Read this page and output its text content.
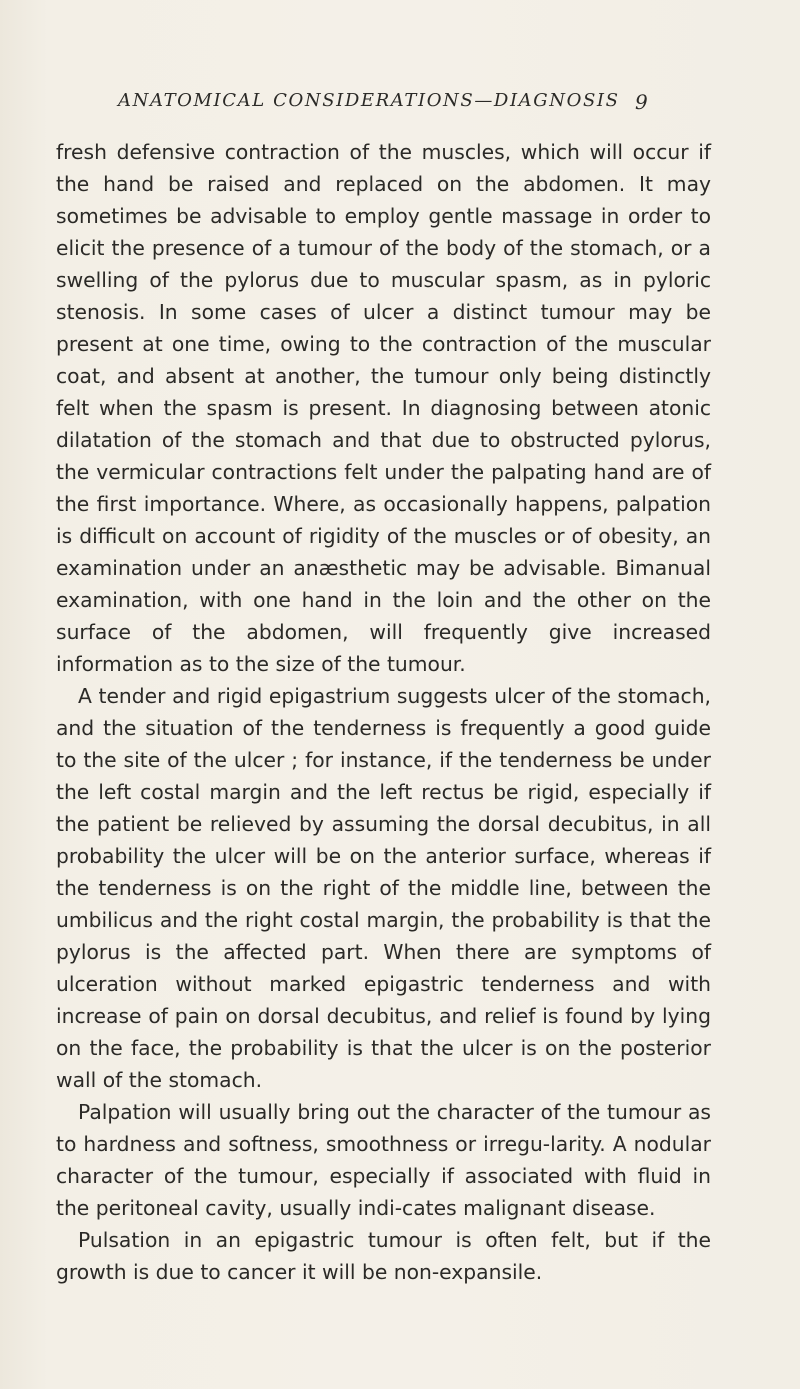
ANATOMICAL CONSIDERATIONS—DIAGNOSIS 9

fresh defensive contraction of the muscles, which will occur if the hand be raised and replaced on the abdomen. It may sometimes be advisable to employ gentle massage in order to elicit the presence of a tumour of the body of the stomach, or a swelling of the pylorus due to muscular spasm, as in pyloric stenosis. In some cases of ulcer a distinct tumour may be present at one time, owing to the contraction of the muscular coat, and absent at another, the tumour only being distinctly felt when the spasm is present. In diagnosing between atonic dilatation of the stomach and that due to obstructed pylorus, the vermicular contractions felt under the palpating hand are of the first importance. Where, as occasionally happens, palpation is difficult on account of rigidity of the muscles or of obesity, an examination under an anæsthetic may be advisable. Bimanual examination, with one hand in the loin and the other on the surface of the abdomen, will frequently give increased information as to the size of the tumour.

A tender and rigid epigastrium suggests ulcer of the stomach, and the situation of the tenderness is frequently a good guide to the site of the ulcer ; for instance, if the tenderness be under the left costal margin and the left rectus be rigid, especially if the patient be relieved by assuming the dorsal decubitus, in all probability the ulcer will be on the anterior surface, whereas if the tenderness is on the right of the middle line, between the umbilicus and the right costal margin, the probability is that the pylorus is the affected part. When there are symptoms of ulceration without marked epigastric tenderness and with increase of pain on dorsal decubitus, and relief is found by lying on the face, the probability is that the ulcer is on the posterior wall of the stomach.

Palpation will usually bring out the character of the tumour as to hardness and softness, smoothness or irregu-larity. A nodular character of the tumour, especially if associated with fluid in the peritoneal cavity, usually indi-cates malignant disease.

Pulsation in an epigastric tumour is often felt, but if the growth is due to cancer it will be non-expansile.
